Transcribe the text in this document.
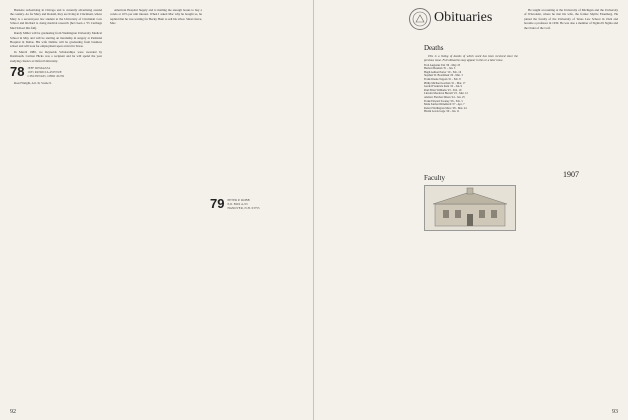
Burnette Advertising in Chicago and is currently advertising around the country. As for Mary and Ronald, they are living in Cincinnati, where Mary is a second-year law student at the University of Cincinnati Law School and Richard is doing medical research (he's been a '55 Carthage Med School this fall).

Randy Miller will be graduating from Washington University Medical School in May and will be starting an internship in surgery at Parkland Hospital in Dallas. His wife Debbie will be graduating from business school and will look for employment upon arrival in Texas.

In March 1980, we Reynolds Scholarships were awarded by Dartmouth. Carlton Hicks was a recipient and he will spend the year studying classics at Oxford University.

78 JEFF DEMAZZA
1035 PATRICIA AVENUE
CINCINNATI, OHIO 45239

Road Weight, Acl. II, Scene 9.

American Hospital Supply and is mailing me enough books to buy a condo at 10% per unit interest. When I asked Mac why he bought so, he replied that he was waiting for Becky Hunt to sell his silver. Smart move, Mac.

79 PETER P. ROBB
P.O. BOX A-93
HANOVER, N.H. 03755
92
Obituaries
Deaths

This is a listing of deaths of which word has been received since the previous issue. Full obituaries may appear in this or a later issue.

Fred Augustus Tait '26 - May 23
Herbert Beaman '31 - Jan. 3
Hugh Ashton Porter '19 - Feb. 16
Stephen W. Boardman '20 - Mar. 3
Frank Duane Tappan '21 - Feb. 8
Philip Michael Gorman '21 - Mar. 17
Gerald Frederick Kent '22 - Jan. 9
Paul Elliot Williams '23 - Feb. 19
Lincoln Mordecai Burrell '23 - Mar. 12
Andrew Fletcher Dixon '24 - Jan. 25
Frank Edward Swaney '26 - Feb. 5
Mark Sanford Rinehardt '27 - Apr. 7
Robert Wellington Mace '28 - Mar. 24
Hiram Lewis Gage '29 - Jan. 11
Faculty

He taught accounting at the University of Michigan and the University of Wisconsin, where he met his wife, the former Myrtle Eisenberg. He joined the faculty of the University of Texas Law School in 1924 and became a professor in 1930. He was also a member of Sigma Pi Sigma and the Order of the Coif.

1907
93
